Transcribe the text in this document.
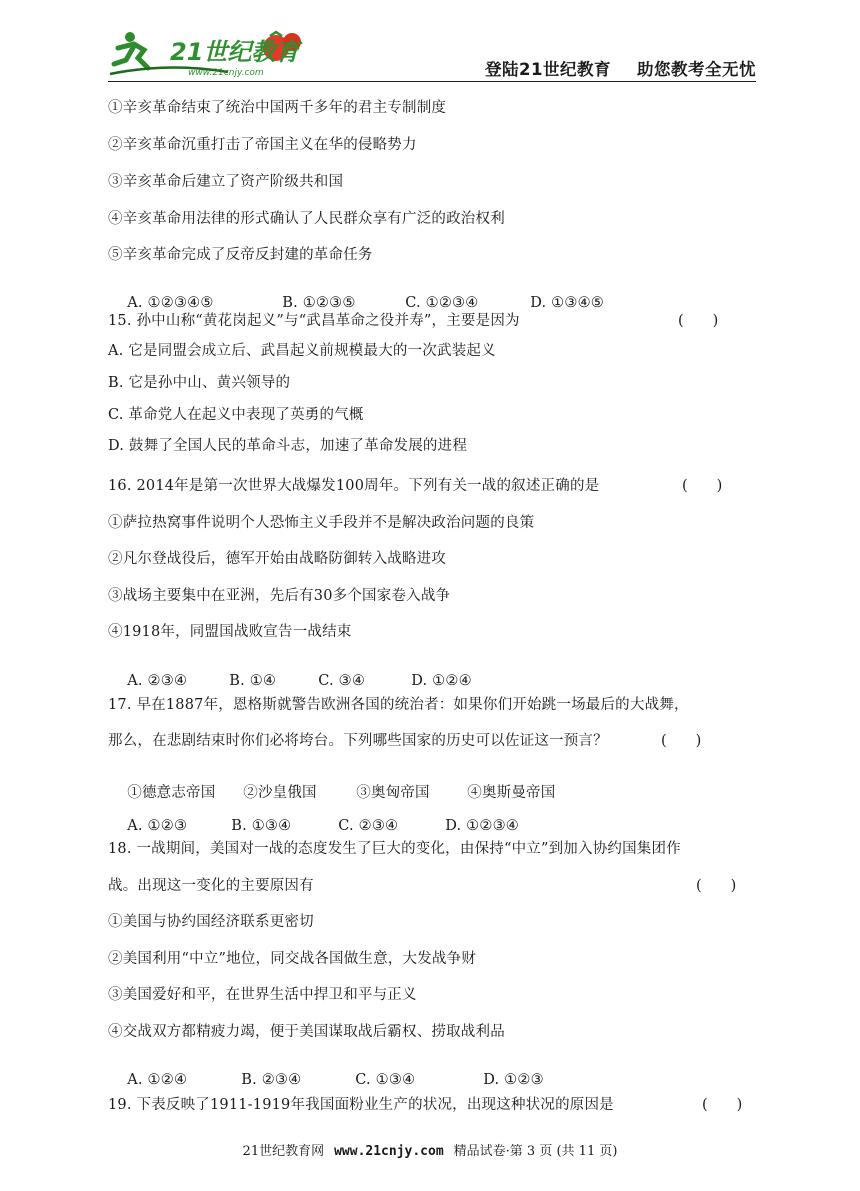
21世纪教育
www.21cnjy.com	登陆21世纪教育 助您教考全无忧
①辛亥革命结束了统治中国两千多年的君主专制制度
②辛亥革命沉重打击了帝国主义在华的侵略势力
③辛亥革命后建立了资产阶级共和国
④辛亥革命用法律的形式确认了人民群众享有广泛的政治权利
⑤辛亥革命完成了反帝反封建的革命任务

A. ①②③④⑤	B. ①②③⑤	C. ①②③④	D. ①③④⑤

15. 孙中山称“黄花岗起义”与“武昌革命之役并寿”，主要是因为	(　　)
A. 它是同盟会成立后、武昌起义前规模最大的一次武装起义
B. 它是孙中山、黄兴领导的
C. 革命党人在起义中表现了英勇的气概
D. 鼓舞了全国人民的革命斗志，加速了革命发展的进程
16. 2014年是第一次世界大战爆发100周年。下列有关一战的叙述正确的是	(　　)
①萨拉热窝事件说明个人恐怖主义手段并不是解决政治问题的良策
②凡尔登战役后，德军开始由战略防御转入战略进攻
③战场主要集中在亚洲，先后有30多个国家卷入战争
④1918年，同盟国战败宣告一战结束

A. ②③④	B. ①④	C. ③④	D. ①②④

17. 早在1887年，恩格斯就警告欧洲各国的统治者：如果你们开始跳一场最后的大战舞，
那么，在悲剧结束时你们必将垮台。下列哪些国家的历史可以佐证这一预言？	(　　)

①德意志帝国 ②沙皇俄国	③奥匈帝国	④奥斯曼帝国

A. ①②③	B. ①③④	C. ②③④	D. ①②③④

18. 一战期间，美国对一战的态度发生了巨大的变化，由保持“中立”到加入协约国集团作
战。出现这一变化的主要原因有	(　　)
①美国与协约国经济联系更密切
②美国利用“中立”地位，同交战各国做生意，大发战争财
③美国爱好和平，在世界生活中捍卫和平与正义
④交战双方都精疲力竭，便于美国谋取战后霸权、捞取战利品

A. ①②④	B. ②③④	C. ①③④	D. ①②③

19. 下表反映了1911-1919年我国面粉业生产的状况，出现这种状况的原因是	(　　)
21世纪教育网 www.21cnjy.com 精品试卷·第 3 页 (共 11 页)
